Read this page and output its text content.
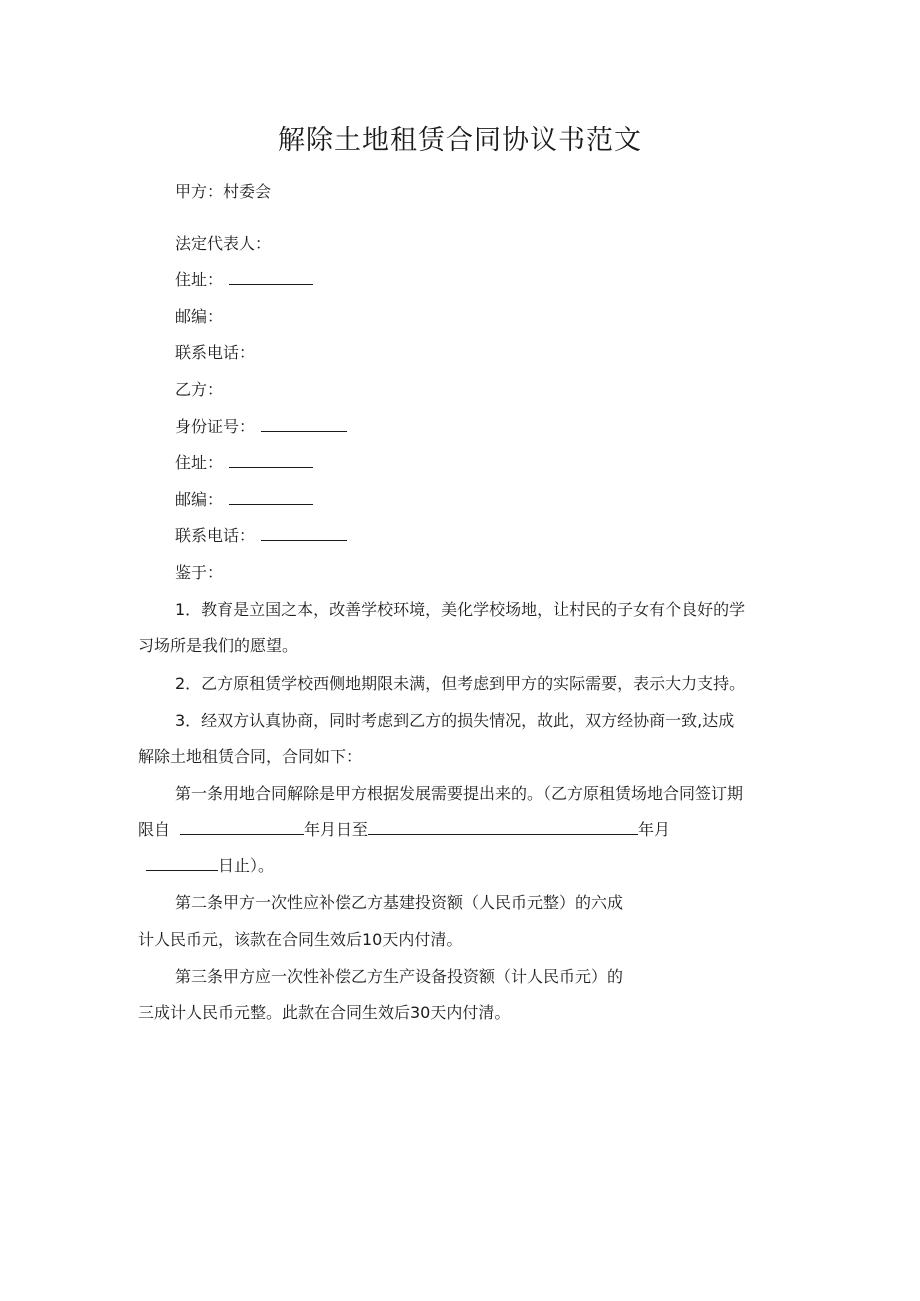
解除土地租赁合同协议书范文
甲方：村委会
法定代表人：
住址：
邮编：
联系电话：
乙方：
身份证号：
住址：
邮编：
联系电话：
鉴于：
1．教育是立国之本，改善学校环境，美化学校场地，让村民的子女有个良好的学
习场所是我们的愿望。
2．乙方原租赁学校西侧地期限未满，但考虑到甲方的实际需要，表示大力支持。
3．经双方认真协商，同时考虑到乙方的损失情况，故此，双方经协商一致,达成
解除土地租赁合同，合同如下：
第一条用地合同解除是甲方根据发展需要提出来的。（乙方原租赁场地合同签订期
限自	年月日至	年月
日止）。
第二条甲方一次性应补偿乙方基建投资额（人民币元整）的六成
计人民币元，该款在合同生效后10天内付清。
第三条甲方应一次性补偿乙方生产设备投资额（计人民币元）的
三成计人民币元整。此款在合同生效后30天内付清。
